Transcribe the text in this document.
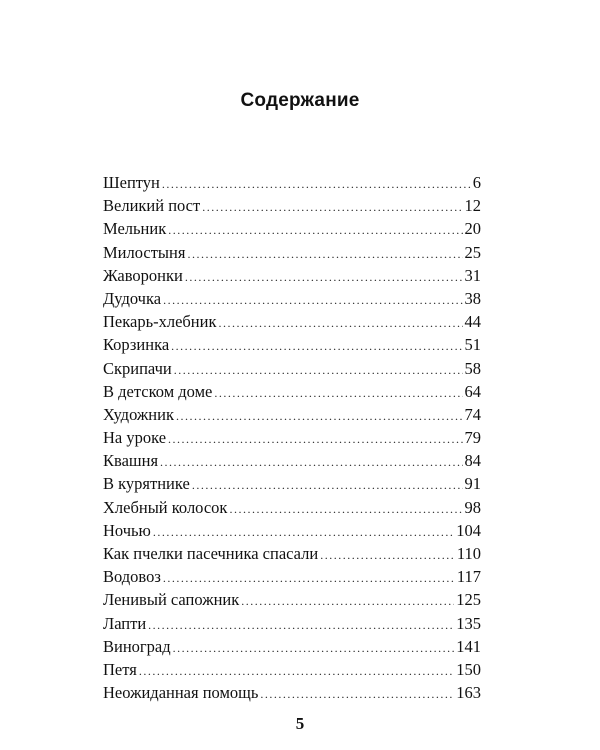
Содержание
Шептун .....	6
Великий пост .....	12
Мельник .....	20
Милостыня .....	25
Жаворонки .....	31
Дудочка .....	38
Пекарь-хлебник .....	44
Корзинка .....	51
Скрипачи .....	58
В детском доме .....	64
Художник .....	74
На уроке .....	79
Квашня .....	84
В курятнике .....	91
Хлебный колосок .....	98
Ночью .....	104
Как пчелки пасечника спасали .....	110
Водовоз .....	117
Ленивый сапожник .....	125
Лапти .....	135
Виноград .....	141
Петя .....	150
Неожиданная помощь .....	163
5
